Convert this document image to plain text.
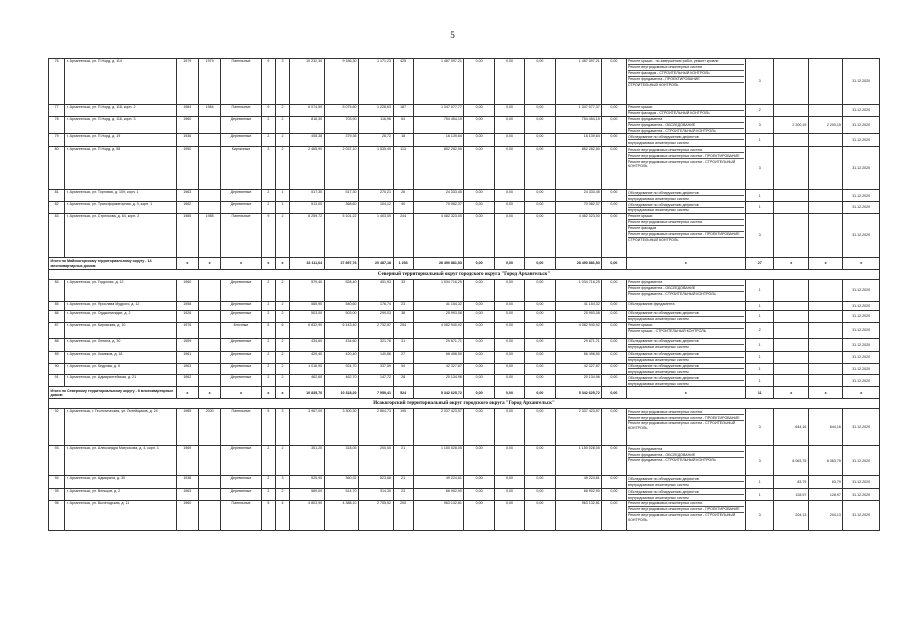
5
76	г. Архангельск, ул. П.Норд, д. 114	1979	1979	Панельные	9	3	10 232,30	9 186,30	1 171,23	425	1 487 097,21	0,00	0,00	0,00	1 487 097,21	0,00	Ремонт крыши - по завершению работ, ремонт кровли
Ремонт внутридомовых инженерных систем
Ремонт фасадов - СТРОИТЕЛЬНЫЙ КОНТРОЛЬ
Ремонт фундамента - ПРОЕКТИРОВАНИЕ
СТРОИТЕЛЬНЫЙ КОНТРОЛЬ	3			31.12.2020
77	г. Архангельск, ул. П.Норд, д. 118, корп. 2	1984	1984	Панельные	9	2	6 074,50	5 075,80	1 228,63	187	1 347 077,77	0,00	0,00	0,00	1 347 077,37	0,00	Ремонт крыши
Ремонт фасадов - СТРОИТЕЛЬНЫЙ КОНТРОЛЬ	2			31.12.2020
78	г. Архангельск, ул. П.Норд, д. 118, корп. 3	1960		Деревянные	2	2	818,30	703,90	116,96	54	754 454,15	0,00	0,00	0,00	754 454,15	0,00	Ремонт фундамента
Ремонт фундамента - ОБСЛЕДОВАНИЕ
Ремонт фундамента - СТРОИТЕЛЬНЫЙ КОНТРОЛЬ	3	2 200,15	2 200,15	31.12.2020
79	г. Архангельск, ул. П.Норд, д. 19	1936		Деревянные	2	2	408,38	379,36	28,72	18	16 139,64	0,00	0,00	0,00	16 139,64	0,00	Обследование по обнаружению дефектов
внутридомовых инженерных систем	1			31.12.2020
80	г. Архангельск, ул. П.Норд, д. 58	1950		Кирпичные	3	2	2 465,90	2 037,10	1 535,49	113	852 282,50	0,00	0,00	0,00	852 282,50	0,00	Ремонт внутридомовых инженерных систем
Ремонт внутридомовых инженерных систем - ПРОЕКТИРОВАНИЕ
Ремонт внутридомовых инженерных систем - СТРОИТЕЛЬНЫЙ КОНТРОЛЬ	3			31.12.2020
81	г. Архангельск, ул. Торговая, д. 109, корп. 1	1963		Деревянные	2	1	517,30	517,30	270,21	26	24 333,45	0,00	0,00	0,00	24 333,45	0,00	Обследование по обнаружению дефектов
внутридомовых инженерных систем	1			31.12.2020
82	г. Архангельск, ул. Трансформаторная, д. 9, корп. 1	1962		Деревянные	2	1	513,00	368,60	104,12	40	70 082,37	0,00	0,00	0,00	70 082,37	0,00	Обследование по обнаружению дефектов
внутридомовых инженерных систем	1			31.12.2020
83	г. Архангельск, ул. Стрелкова, д. 64, корп. 2	1985	1985	Панельные	9	2	6 259,72	5 101,22	1 403,00	244	4 482 323,00	0,00	0,00	0,00	4 482 323,00	0,00	Ремонт крыши
Ремонт внутридомовых инженерных систем
Ремонт фасадов
Ремонт внутридомовых инженерных систем - ПРОЕКТИРОВАНИЕ
СТРОИТЕЛЬНЫЙ КОНТРОЛЬ	3			31.12.2020
Итого по Майскогорскому территориальному округу - 14 многоквартирных домов:		x	x	x	x	x	32 111,64	27 897,76	20 487,18	1 253	28 490 881,53	0,00	0,00	0,00	28 490 881,53	0,00	x	27	x	x	x
Северный территориальный округ городского округа "Город Архангельск"																					
84	г. Архангельск, ул. Гидролиз, д. 12	1960		Деревянные	2	2	579,40	528,40	451,93	33	1 034 716,25	0,00	0,00	0,00	1 034 716,25	0,00	Ремонт фундамента
Ремонт фундамента - ОБСЛЕДОВАНИЕ
Ремонт фундамента - СТРОИТЕЛЬНЫЙ КОНТРОЛЬ	1			31.12.2020
85	г. Архангельск, ул. Ярослава Мудрого, д. 12	1958		Деревянные	2	2	585,90	540,60	176,74	23	41 154,32	0,00	0,00	0,00	41 154,32	0,00	Обследование фундамента	1			31.12.2020
86	г. Архангельск, ул. Орджоникидзе, д. 2	1926		Деревянные	2	2	503,00	503,00	299,03	38	25 993,08	0,00	0,00	0,00	25 993,08	0,00	Обследование по обнаружению дефектов
внутридомовых инженерных систем	1			31.12.2020
87	г. Архангельск, ул. Кировская, д. 10	1976		Блочные	5	6	6 832,90	6 143,40	2 732,57	254	4 082 940,92	0,00	0,00	0,00	4 082 940,92	0,00	Ремонт крыши
Ремонт крыши - СТРОИТЕЛЬНЫЙ КОНТРОЛЬ	2			31.12.2020
88	г. Архангельск, ул. Ленина, д. 30	1959		Деревянные	2	2	434,60	434,60	321,76	31	29 671,71	0,00	0,00	0,00	29 671,71	0,00	Обследование по обнаружению дефектов
внутридомовых инженерных систем	1			31.12.2020
89	г. Архангельск, ул. Химиков, д. 18	1961		Деревянные	2	2	420,40	420,40	140,86	27	66 498,50	0,00	0,00	0,00	66 498,50	0,00	Обследование по обнаружению дефектов
внутридомовых инженерных систем	1			31.12.2020
90	г. Архангельск, ул. Кедрова, д. 6	1963		Деревянные	2	2	1 016,90	924,70	337,59	54	42 327,87	0,00	0,00	0,00	42 327,87	0,00	Обследование по обнаружению дефектов
внутридомовых инженерных систем	1			31.12.2020
91	г. Архангельск, ул. Адмиралтейская, д. 21	1962		Деревянные	2	2	462,60	462,70	147,72	28	20 134,96	0,00	0,00	0,00	20 134,96	0,00	Обследование по обнаружению дефектов
внутридомовых инженерных систем	1			31.12.2020
Итого по Северному территориальному округу - 8 многоквартирных домов:		x	x	x	x	x	10 835,70	10 318,20	7 959,41	524	5 342 625,72	0,00	0,00	0,00	5 342 625,72	0,00	x	11	x	x	x
Исакогорский территориальный округ городского округа "Город Архангельск"																					
92	г. Архангельск, г. Геологическая, ул. Литейщиков, д. 24	1985	2000	Панельные	5	3	3 967,00	3 300,30	2 864,73	195	2 337 423,57	0,00	0,00	0,00	2 337 423,57	0,00	Ремонт внутридомовых инженерных систем
Ремонт внутридомовых инженерных систем - ПРОЕКТИРОВАНИЕ
Ремонт внутридомовых инженерных систем - СТРОИТЕЛЬНЫЙ КОНТРОЛЬ	3	644,16	644,16	31.12.2020
93	г. Архангельск, ул. Александра Матросова, д. 4, корп. 1	1969		Деревянные	2	2	351,20	318,05	200,00	21	1 150 028,05	0,00	0,00	0,00	1 150 028,05	0,00	Ремонт фундамента
Ремонт фундамента - ОБСЛЕДОВАНИЕ
Ремонт фундамента - СТРОИТЕЛЬНЫЙ КОНТРОЛЬ	3	8 063,75	8 063,75	31.12.2020
94	г. Архангельск, ул. Адмирала, д. 30	1938		Деревянные	2	3	525,90	360,32	523,66	21	49 224,61	0,00	0,00	0,00	49 224,61	0,00	Обследование по обнаружению дефектов
внутридомовых инженерных систем	1	83,79	83,79	31.12.2020
95	г. Архангельск, ул. Вельцов, д. 2	1963		Деревянные	2	2	589,00	514,70	314,30	23	66 902,90	0,00	0,00	0,00	66 902,90	0,00	Обследование по обнаружению дефектов
внутридомовых инженерных систем	1	128,97	128,97	31.12.2020
96	г. Архангельск, ул. Вычегодская, д. 11	1960		Панельные	5	4	4 803,90	4 388,10	2 755,52	200	963 132,81	0,00	0,00	0,00	963 132,81	0,00	Ремонт внутридомовых инженерных систем
Ремонт внутридомовых инженерных систем - ПРОЕКТИРОВАНИЕ
Ремонт внутридомовых инженерных систем - СТРОИТЕЛЬНЫЙ КОНТРОЛЬ	3	204,13	204,13	31.12.2020
